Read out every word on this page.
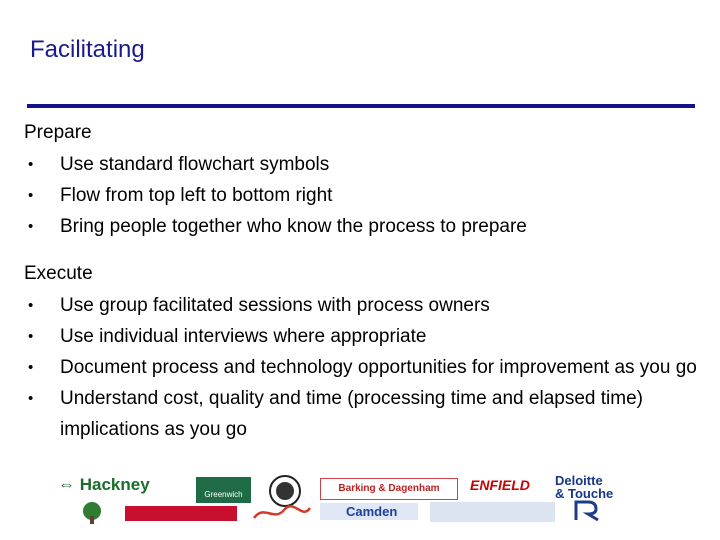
Facilitating
Prepare
•	Use standard flowchart symbols
•	Flow from top left to bottom right
•	Bring people together who know the process to prepare
Execute
•	Use group facilitated sessions with process owners
•	Use individual interviews where appropriate
•	Document process and technology opportunities for improvement as you go
•	Understand cost, quality and time (processing time and elapsed time) implications as you go
⇔ Hackney
Greenwich
Barking & Dagenham	ENFIELD	Deloitte
& Touche
Camden
